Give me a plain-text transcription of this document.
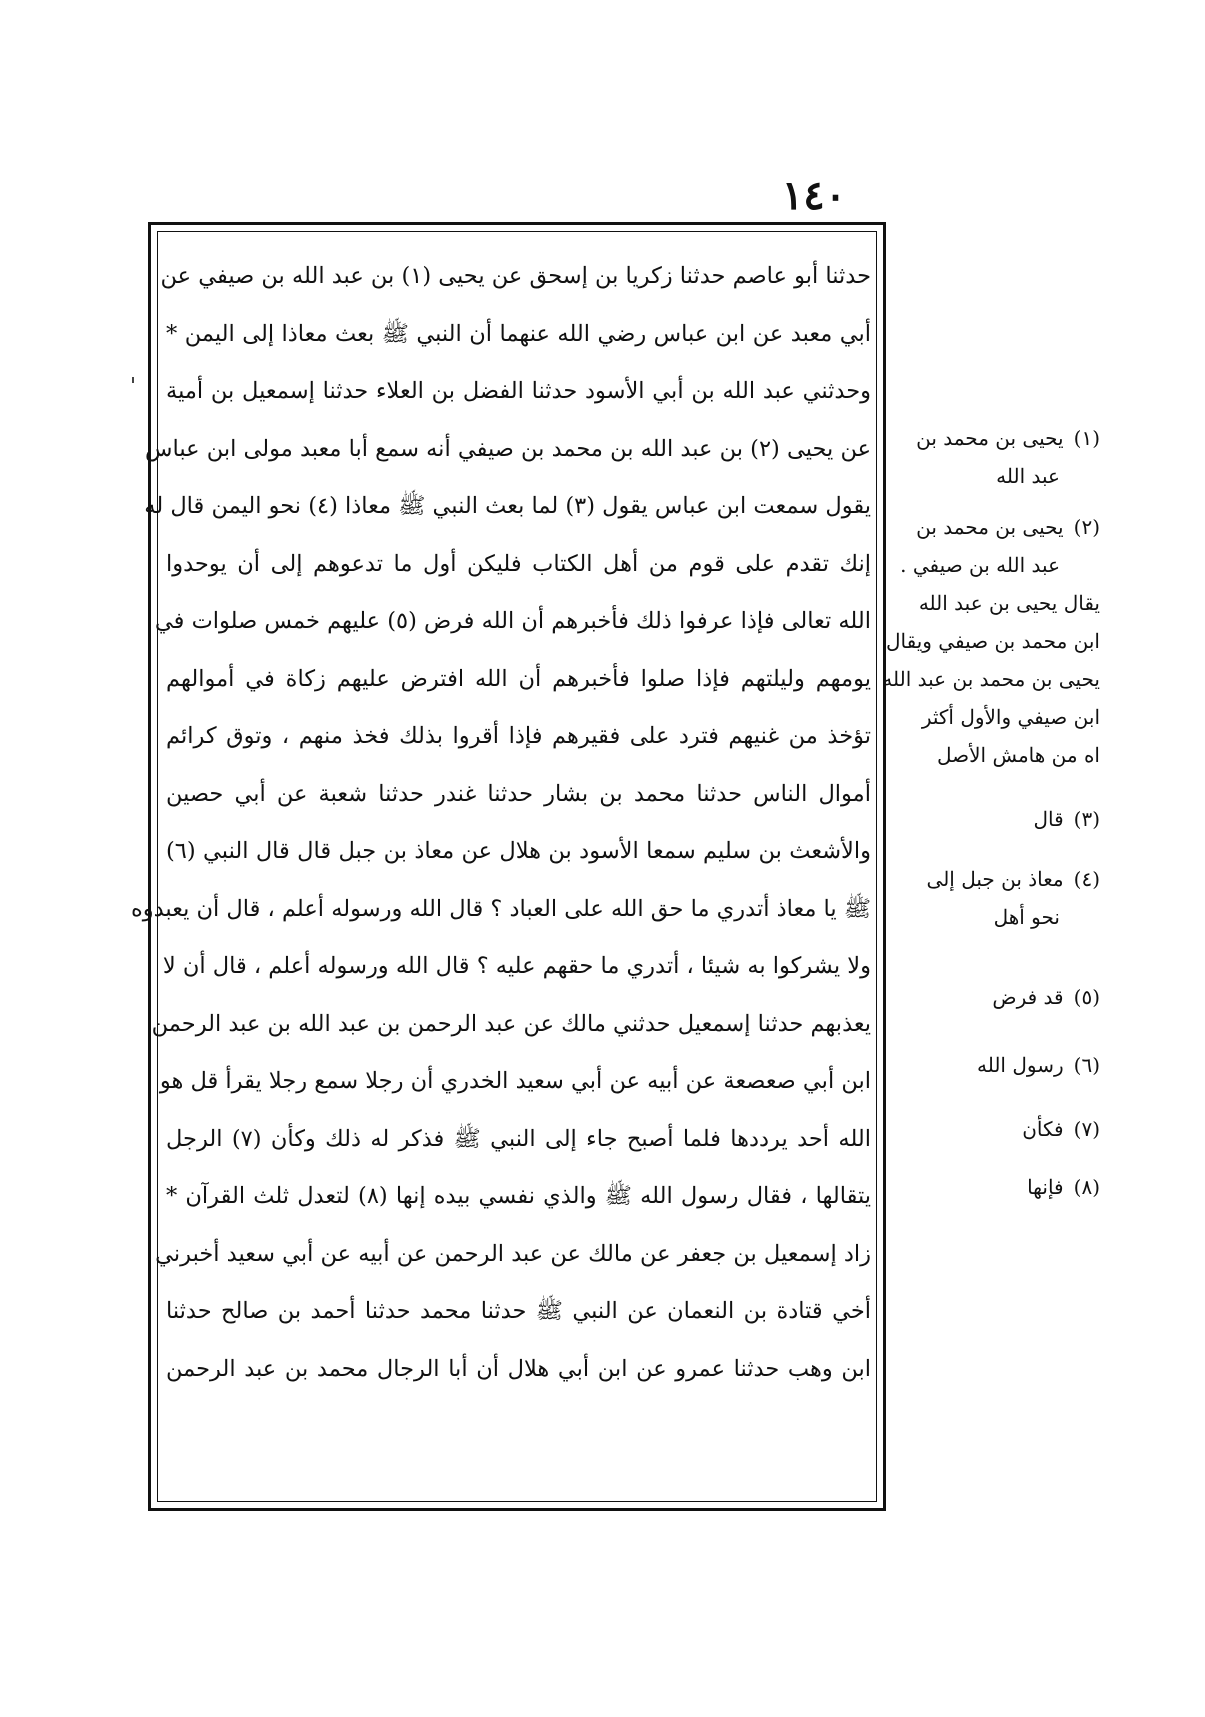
١٤٠
حدثنا أبو عاصم حدثنا زكريا بن إسحق عن يحيى (١) بن عبد الله بن صيفي عن
أبي معبد عن ابن عباس رضي الله عنهما أن النبي ﷺ بعث معاذا إلى اليمن *
وحدثني عبد الله بن أبي الأسود حدثنا الفضل بن العلاء حدثنا إسمعيل بن أمية
عن يحيى (٢) بن عبد الله بن محمد بن صيفي أنه سمع أبا معبد مولى ابن عباس
يقول سمعت ابن عباس يقول (٣) لما بعث النبي ﷺ معاذا (٤) نحو اليمن قال له
إنك تقدم على قوم من أهل الكتاب فليكن أول ما تدعوهم إلى أن يوحدوا
الله تعالى فإذا عرفوا ذلك فأخبرهم أن الله فرض (٥) عليهم خمس صلوات في
يومهم وليلتهم فإذا صلوا فأخبرهم أن الله افترض عليهم زكاة في أموالهم
تؤخذ من غنيهم فترد على فقيرهم فإذا أقروا بذلك فخذ منهم ، وتوق كرائم
أموال الناس حدثنا محمد بن بشار حدثنا غندر حدثنا شعبة عن أبي حصين
والأشعث بن سليم سمعا الأسود بن هلال عن معاذ بن جبل قال قال النبي (٦)
ﷺ يا معاذ أتدري ما حق الله على العباد ؟ قال الله ورسوله أعلم ، قال أن يعبدوه
ولا يشركوا به شيئا ، أتدري ما حقهم عليه ؟ قال الله ورسوله أعلم ، قال أن لا
يعذبهم حدثنا إسمعيل حدثني مالك عن عبد الرحمن بن عبد الله بن عبد الرحمن
ابن أبي صعصعة عن أبيه عن أبي سعيد الخدري أن رجلا سمع رجلا يقرأ قل هو
الله أحد يرددها فلما أصبح جاء إلى النبي ﷺ فذكر له ذلك وكأن (٧) الرجل
يتقالها ، فقال رسول الله ﷺ والذي نفسي بيده إنها (٨) لتعدل ثلث القرآن *
زاد إسمعيل بن جعفر عن مالك عن عبد الرحمن عن أبيه عن أبي سعيد أخبرني
أخي قتادة بن النعمان عن النبي ﷺ حدثنا محمد حدثنا أحمد بن صالح حدثنا
ابن وهب حدثنا عمرو عن ابن أبي هلال أن أبا الرجال محمد بن عبد الرحمن
(١)يحيى بن محمد بن
عبد الله
(٢)يحيى بن محمد بن
عبد الله بن صيفي .
يقال يحيى بن عبد الله
ابن محمد بن صيفي ويقال
يحيى بن محمد بن عبد الله
ابن صيفي والأول أكثر
اه من هامش الأصل
(٣)قال
(٤)معاذ بن جبل إلى
نحو أهل
(٥)قد فرض
(٦)رسول الله
(٧)فكأن
(٨)فإنها
